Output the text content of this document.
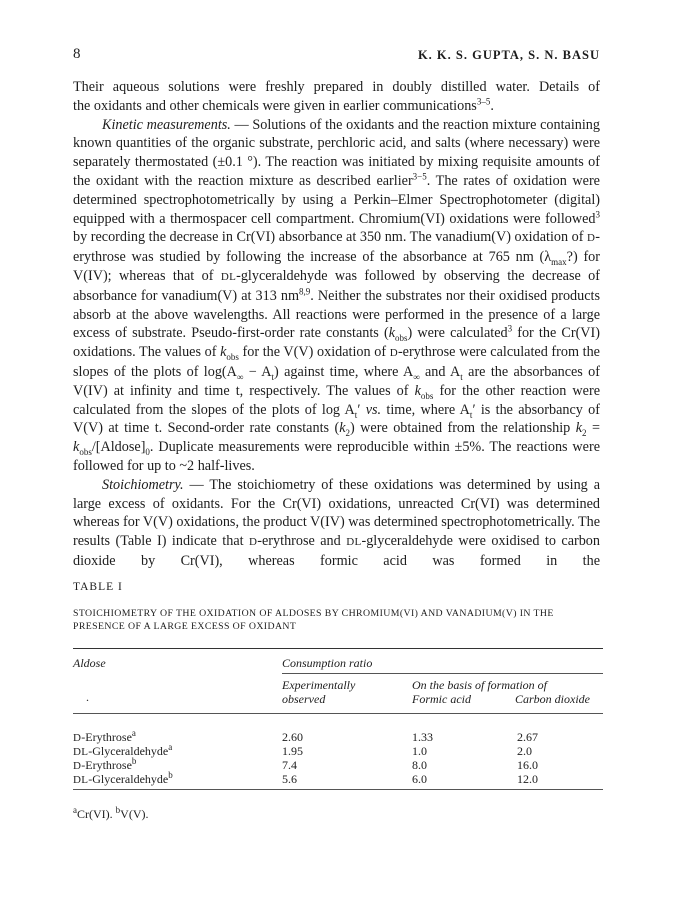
8	K. K. S. GUPTA, S. N. BASU

Their aqueous solutions were freshly prepared in doubly distilled water. Details of

the oxidants and other chemicals were given in earlier communications$^{3-5}$.

Kinetic measurements. — Solutions of the oxidants and the reaction mixture containing known quantities of the organic substrate, perchloric acid, and salts (where necessary) were separately thermostated (±0.1 °). The reaction was initiated by mixing requisite amounts of the oxidant with the reaction mixture as described earlier$^{3-5}$. The rates of oxidation were determined spectrophotometrically by using a Perkin–Elmer Spectrophotometer (digital) equipped with a thermospacer cell compartment. Chromium(VI) oxidations were followed$^3$ by recording the decrease in Cr(VI) absorbance at 350 nm. The vanadium(V) oxidation of D-erythrose was studied by following the increase of the absorbance at 765 nm $(\lambda_{max}?)$ for V(IV); whereas that of DL-glyceraldehyde was followed by observing the decrease of absorbance for vanadium(V) at 313 nm$^{8,9}$. Neither the substrates nor their oxidised products absorb at the above wavelengths. All reactions were performed in the presence of a large excess of substrate. Pseudo-first-order rate constants $(k_{obs})$ were calculated$^3$ for the Cr(VI) oxidations. The values of $k_{obs}$ for the V(V) oxidation of D-erythrose were calculated from the slopes of the plots of $\log(A_\infty - A_t)$ against time, where $A_\infty$ and $A_t$ are the absorbances of V(IV) at infinity and time t, respectively. The values of $k_{obs}$ for the other reaction were calculated from the slopes of the plots of $\log A_t'$ vs. time, where $A_t'$ is the absorbancy of V(V) at time t. Second-order rate constants $(k_2)$ were obtained from the relationship $k_2$ = $k_{obs}/[Aldose]_0$. Duplicate measurements were reproducible within ±5%. The reactions were followed for up to ~2 half-lives.

Stoichiometry. — The stoichiometry of these oxidations was determined by using a large excess of oxidants. For the Cr(VI) oxidations, unreacted Cr(VI) was determined whereas for V(V) oxidations, the product V(IV) was determined spectrophotometrically. The results (Table I) indicate that D-erythrose and DL-glyceraldehyde were oxidised to carbon dioxide by Cr(VI), whereas formic acid was formed in the

TABLE I
STOICHIOMETRY OF THE OXIDATION OF ALDOSES BY CHROMIUM(VI) AND VANADIUM(V) IN THE PRESENCE OF A LARGE EXCESS OF OXIDANT
Aldose	Consumption ratio
Experimentally
observed
On the basis of formation of
Formic acid	Carbon dioxide
.
D-Erythrose$^a$	2.60	1.33	2.67
DL-Glyceraldehyde$^a$	1.95	1.0	2.0
D-Erythrose$^b$	7.4	8.0	16.0
DL-Glyceraldehyde$^b$	5.6	6.0	12.0
$^a$Cr(VI). $^b$V(V).
